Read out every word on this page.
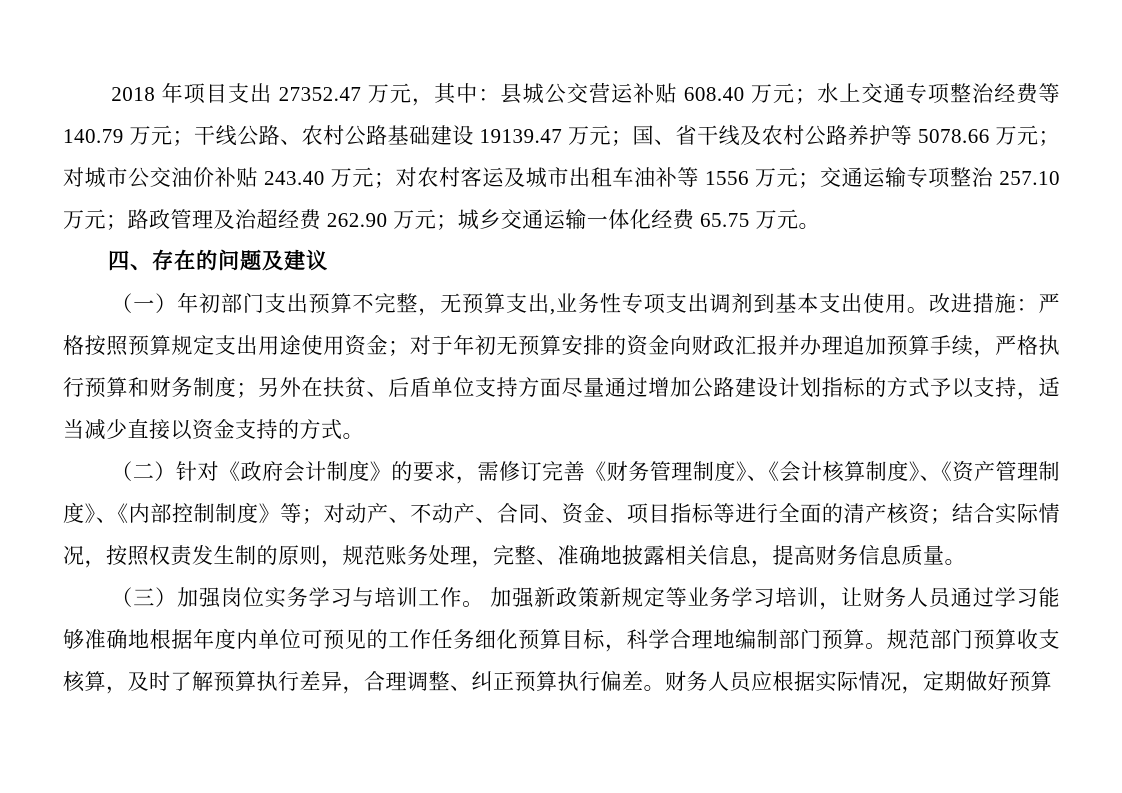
2018 年项目支出 27352.47 万元，其中：县城公交营运补贴 608.40 万元；水上交通专项整治经费等 140.79 万元；干线公路、农村公路基础建设 19139.47 万元；国、省干线及农村公路养护等 5078.66 万元；对城市公交油价补贴 243.40 万元；对农村客运及城市出租车油补等 1556 万元；交通运输专项整治 257.10 万元；路政管理及治超经费 262.90 万元；城乡交通运输一体化经费 65.75 万元。

四、存在的问题及建议

（一）年初部门支出预算不完整，无预算支出,业务性专项支出调剂到基本支出使用。改进措施：严格按照预算规定支出用途使用资金；对于年初无预算安排的资金向财政汇报并办理追加预算手续，严格执行预算和财务制度；另外在扶贫、后盾单位支持方面尽量通过增加公路建设计划指标的方式予以支持，适当减少直接以资金支持的方式。

（二）针对《政府会计制度》的要求，需修订完善《财务管理制度》、《会计核算制度》、《资产管理制度》、《内部控制制度》等；对动产、不动产、合同、资金、项目指标等进行全面的清产核资；结合实际情况，按照权责发生制的原则，规范账务处理，完整、准确地披露相关信息，提高财务信息质量。

（三）加强岗位实务学习与培训工作。 加强新政策新规定等业务学习培训，让财务人员通过学习能够准确地根据年度内单位可预见的工作任务细化预算目标，科学合理地编制部门预算。规范部门预算收支核算，及时了解预算执行差异，合理调整、纠正预算执行偏差。财务人员应根据实际情况，定期做好预算
